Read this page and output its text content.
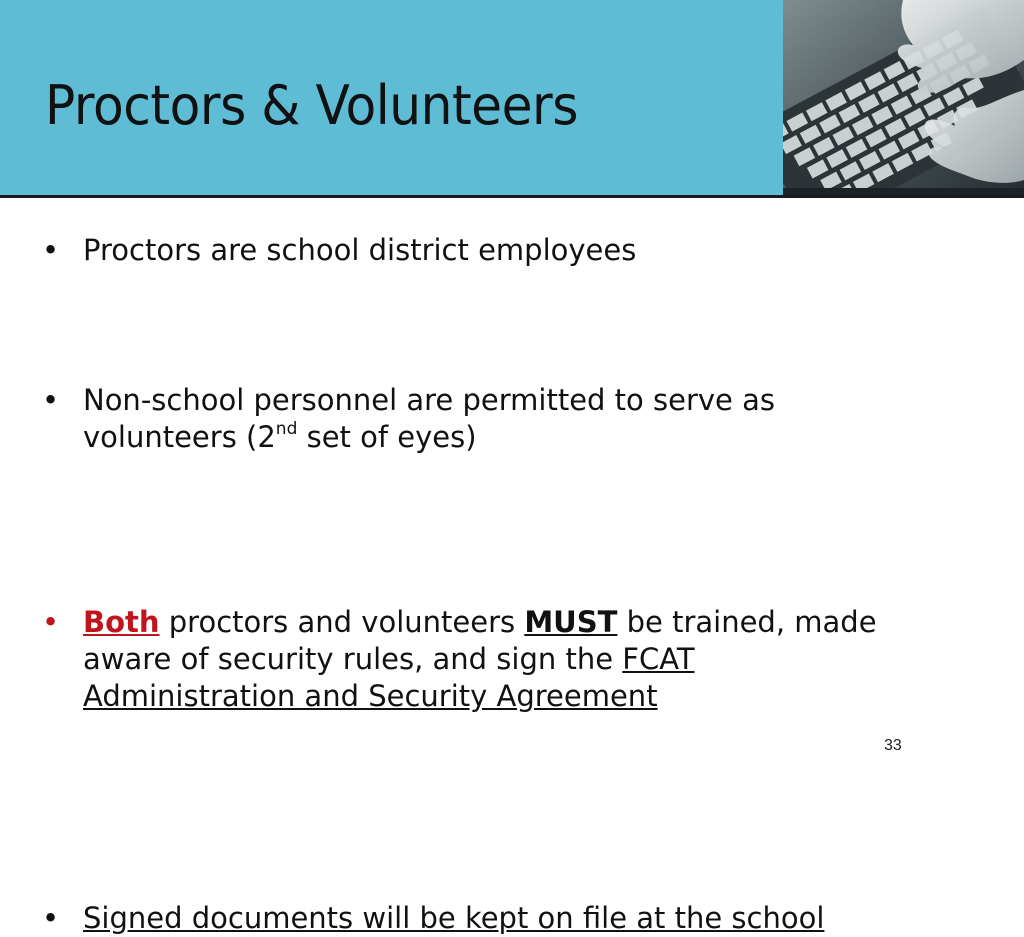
Proctors & Volunteers
• Proctors are school district employees
• Non-school personnel are permitted to serve as
volunteers (2nd set of eyes)
• Both proctors and volunteers MUST be trained, made
aware of security rules, and sign the FCAT
Administration and Security Agreement
• Signed documents will be kept on file at the school
33
